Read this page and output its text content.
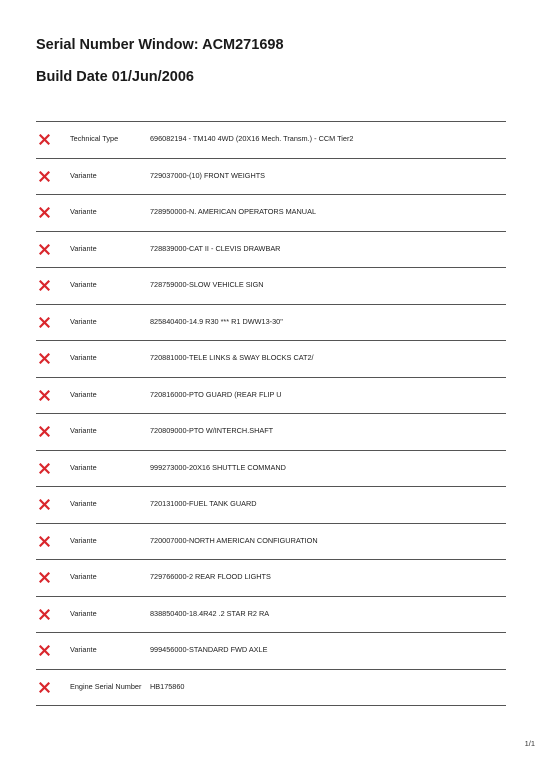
Serial Number Window: ACM271698
Build Date 01/Jun/2006
Technical Type	696082194 - TM140 4WD (20X16 Mech. Transm.) - CCM Tier2
Variante	729037000-(10) FRONT WEIGHTS
Variante	728950000-N. AMERICAN OPERATORS MANUAL
Variante	728839000-CAT II - CLEVIS DRAWBAR
Variante	728759000-SLOW VEHICLE SIGN
Variante	825840400-14.9 R30 *** R1 DWW13-30"
Variante	720881000-TELE LINKS & SWAY BLOCKS CAT2/
Variante	720816000-PTO GUARD (REAR FLIP U
Variante	720809000-PTO W/INTERCH.SHAFT
Variante	999273000-20X16 SHUTTLE COMMAND
Variante	720131000-FUEL TANK GUARD
Variante	720007000-NORTH AMERICAN CONFIGURATION
Variante	729766000-2 REAR FLOOD LIGHTS
Variante	838850400-18.4R42 .2 STAR R2 RA
Variante	999456000-STANDARD FWD AXLE
Engine Serial Number HB175860
1/1
